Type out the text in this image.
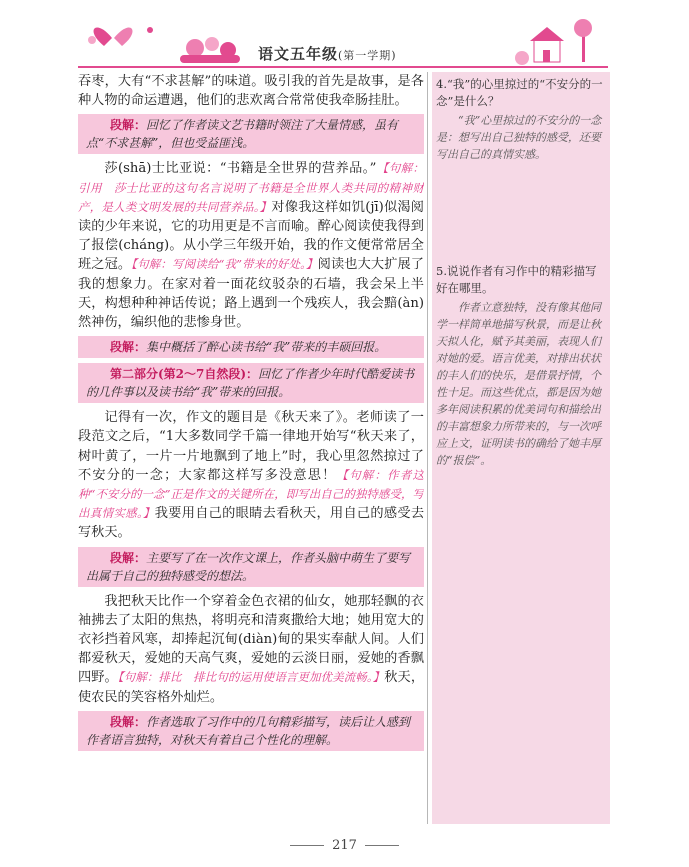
语文五年级(第一学期)

吞枣，大有“不求甚解”的味道。吸引我的首先是故事，是各种人物的命运遭遇，他们的悲欢离合常常使我牵肠挂肚。

段解：回忆了作者读文艺书籍时领注了大量情感，虽有点“不求甚解”，但也受益匪浅。

莎(shā)士比亚说：“书籍是全世界的营养品。”【句解：引用　莎士比亚的这句名言说明了书籍是全世界人类共同的精神财产，是人类文明发展的共同营养品。】对像我这样如饥(jī)似渴阅读的少年来说，它的功用更是不言而喻。醉心阅读使我得到了报偿(cháng)。从小学三年级开始，我的作文便常常居全班之冠。【句解：写阅读给“我”带来的好处。】阅读也大大扩展了我的想象力。在家对着一面花纹驳杂的石墙，我会呆上半天，构想种种神话传说；路上遇到一个残疾人，我会黯(àn)然神伤，编织他的悲惨身世。

段解：集中概括了醉心读书给“我”带来的丰硕回报。
第二部分(第2～7自然段)：回忆了作者少年时代酷爱读书的几件事以及读书给“我”带来的回报。

记得有一次，作文的题目是《秋天来了》。老师读了一段范文之后，“1大多数同学千篇一律地开始写“秋天来了，树叶黄了，一片一片地飘到了地上”时，我心里忽然掠过了不安分的一念；大家都这样写多没意思！【句解：作者这种“不安分的一念”正是作文的关键所在，即写出自己的独特感受，写出真情实感。】我要用自己的眼睛去看秋天，用自己的感受去写秋天。

段解：主要写了在一次作文课上，作者头脑中萌生了要写出属于自己的独特感受的想法。

我把秋天比作一个穿着金色衣裙的仙女，她那轻飘的衣袖拂去了太阳的焦热，将明亮和清爽撒给大地；她用宽大的衣衫挡着风寒，却捧起沉甸(diàn)甸的果实奉献人间。人们都爱秋天，爱她的天高气爽，爱她的云淡日丽，爱她的香飘四野。【句解：排比　排比句的运用使语言更加优美流畅。】秋天，使农民的笑容格外灿烂。

段解：作者选取了习作中的几句精彩描写，读后让人感到作者语言独特，对秋天有着自己个性化的理解。

4.“我”的心里掠过的“不安分的一念”是什么？

“我”心里掠过的不安分的一念是：想写出自己独特的感受，还要写出自己的真情实感。

5.说说作者有习作中的精彩描写好在哪里。

作者立意独特，没有像其他同学一样简单地描写秋景，而是让秋天拟人化，赋予其美丽，表现人们对她的爱。语言优美，对排出状状的丰人们的快乐，是借景抒情，个性十足。而这些优点，都是因为她多年阅读积累的优美词句和描绘出的丰富想象力所带来的，与一次呼应上文，证明读书的确给了她丰厚的“报偿”。

217
